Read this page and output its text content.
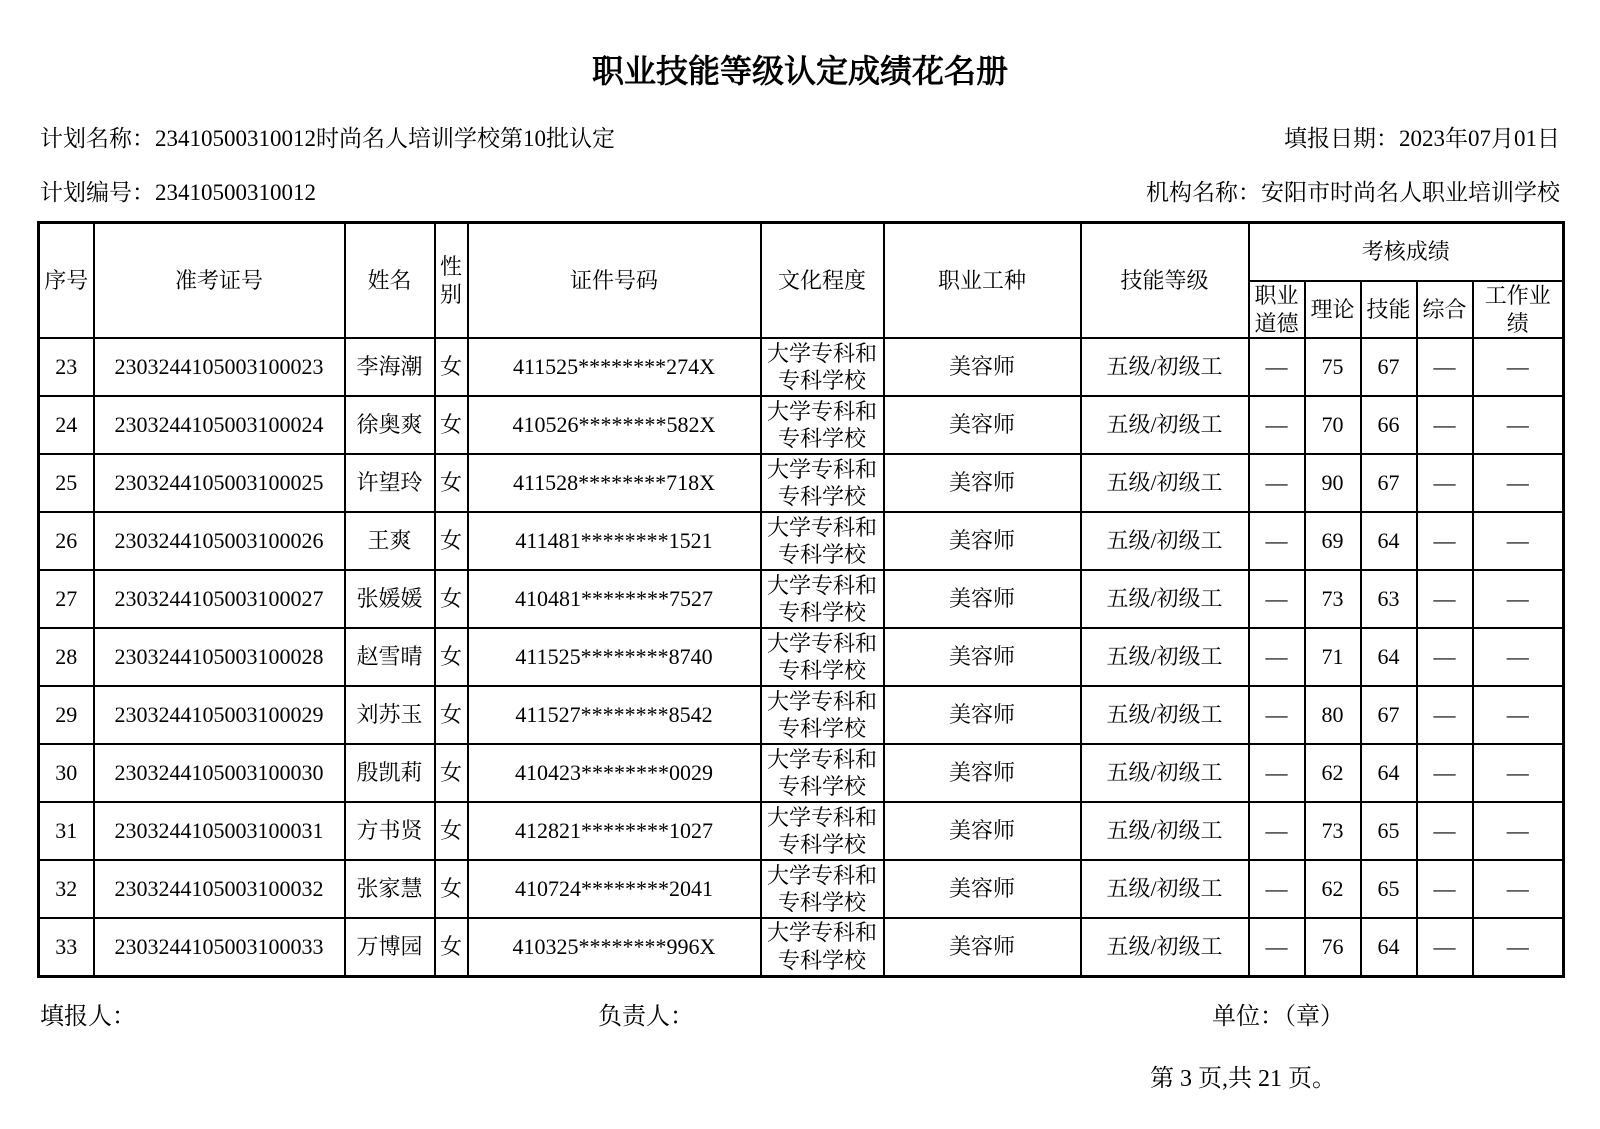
职业技能等级认定成绩花名册
计划名称：23410500310012时尚名人培训学校第10批认定	填报日期：2023年07月01日
计划编号：23410500310012	机构名称：安阳市时尚名人职业培训学校
序号	准考证号	姓名	性别	证件号码	文化程度	职业工种	技能等级	考核成绩				
								职业道德	理论	技能	综合	工作业绩
23	2303244105003100023	李海潮	女	411525********274X	大学专科和专科学校	美容师	五级/初级工	—	75	67	—	—
24	2303244105003100024	徐奥爽	女	410526********582X	大学专科和专科学校	美容师	五级/初级工	—	70	66	—	—
25	2303244105003100025	许望玲	女	411528********718X	大学专科和专科学校	美容师	五级/初级工	—	90	67	—	—
26	2303244105003100026	王爽	女	411481********1521	大学专科和专科学校	美容师	五级/初级工	—	69	64	—	—
27	2303244105003100027	张媛媛	女	410481********7527	大学专科和专科学校	美容师	五级/初级工	—	73	63	—	—
28	2303244105003100028	赵雪晴	女	411525********8740	大学专科和专科学校	美容师	五级/初级工	—	71	64	—	—
29	2303244105003100029	刘苏玉	女	411527********8542	大学专科和专科学校	美容师	五级/初级工	—	80	67	—	—
30	2303244105003100030	殷凯莉	女	410423********0029	大学专科和专科学校	美容师	五级/初级工	—	62	64	—	—
31	2303244105003100031	方书贤	女	412821********1027	大学专科和专科学校	美容师	五级/初级工	—	73	65	—	—
32	2303244105003100032	张家慧	女	410724********2041	大学专科和专科学校	美容师	五级/初级工	—	62	65	—	—
33	2303244105003100033	万博园	女	410325********996X	大学专科和专科学校	美容师	五级/初级工	—	76	64	—	—
填报人：	负责人：	单位：（章）
第 3 页,共 21 页。
